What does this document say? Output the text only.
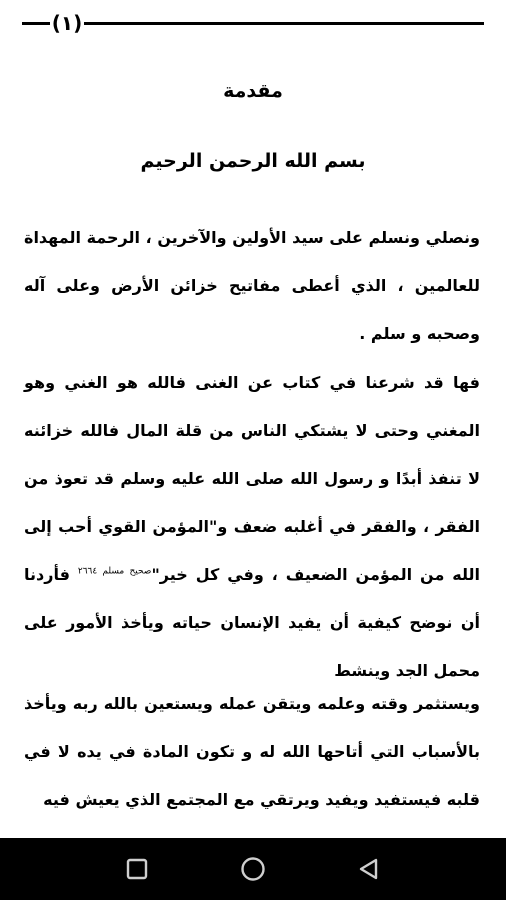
(١)
مقدمة
بسم الله الرحمن الرحيم
ونصلي ونسلم على سيد الأولين والآخرين ، الرحمة المهداة للعالمين ، الذي أعطى مفاتيح خزائن الأرض وعلى آله وصحبه و سلم .
فها قد شرعنا في كتاب عن الغنى فالله هو الغني وهو المغني وحتى لا يشتكي الناس من قلة المال فالله خزائنه لا تنفذ أبدًا و رسول الله صلى الله عليه وسلم قد تعوذ من الفقر ، والفقر في أغلبه ضعف و"المؤمن القوي أحب إلى الله من المؤمن الضعيف ، وفي كل خير"$^{صحيح مسلم ٢٦٦٤}$ فأردنا أن نوضح كيفية أن يفيد الإنسان حياته ويأخذ الأمور على محمل الجد وينشط
ويستثمر وقته وعلمه ويتقن عمله ويستعين بالله ربه ويأخذ بالأسباب التي أتاحها الله له و تكون المادة في يده لا في قلبه فيستفيد ويفيد ويرتقي مع المجتمع الذي يعيش فيه
